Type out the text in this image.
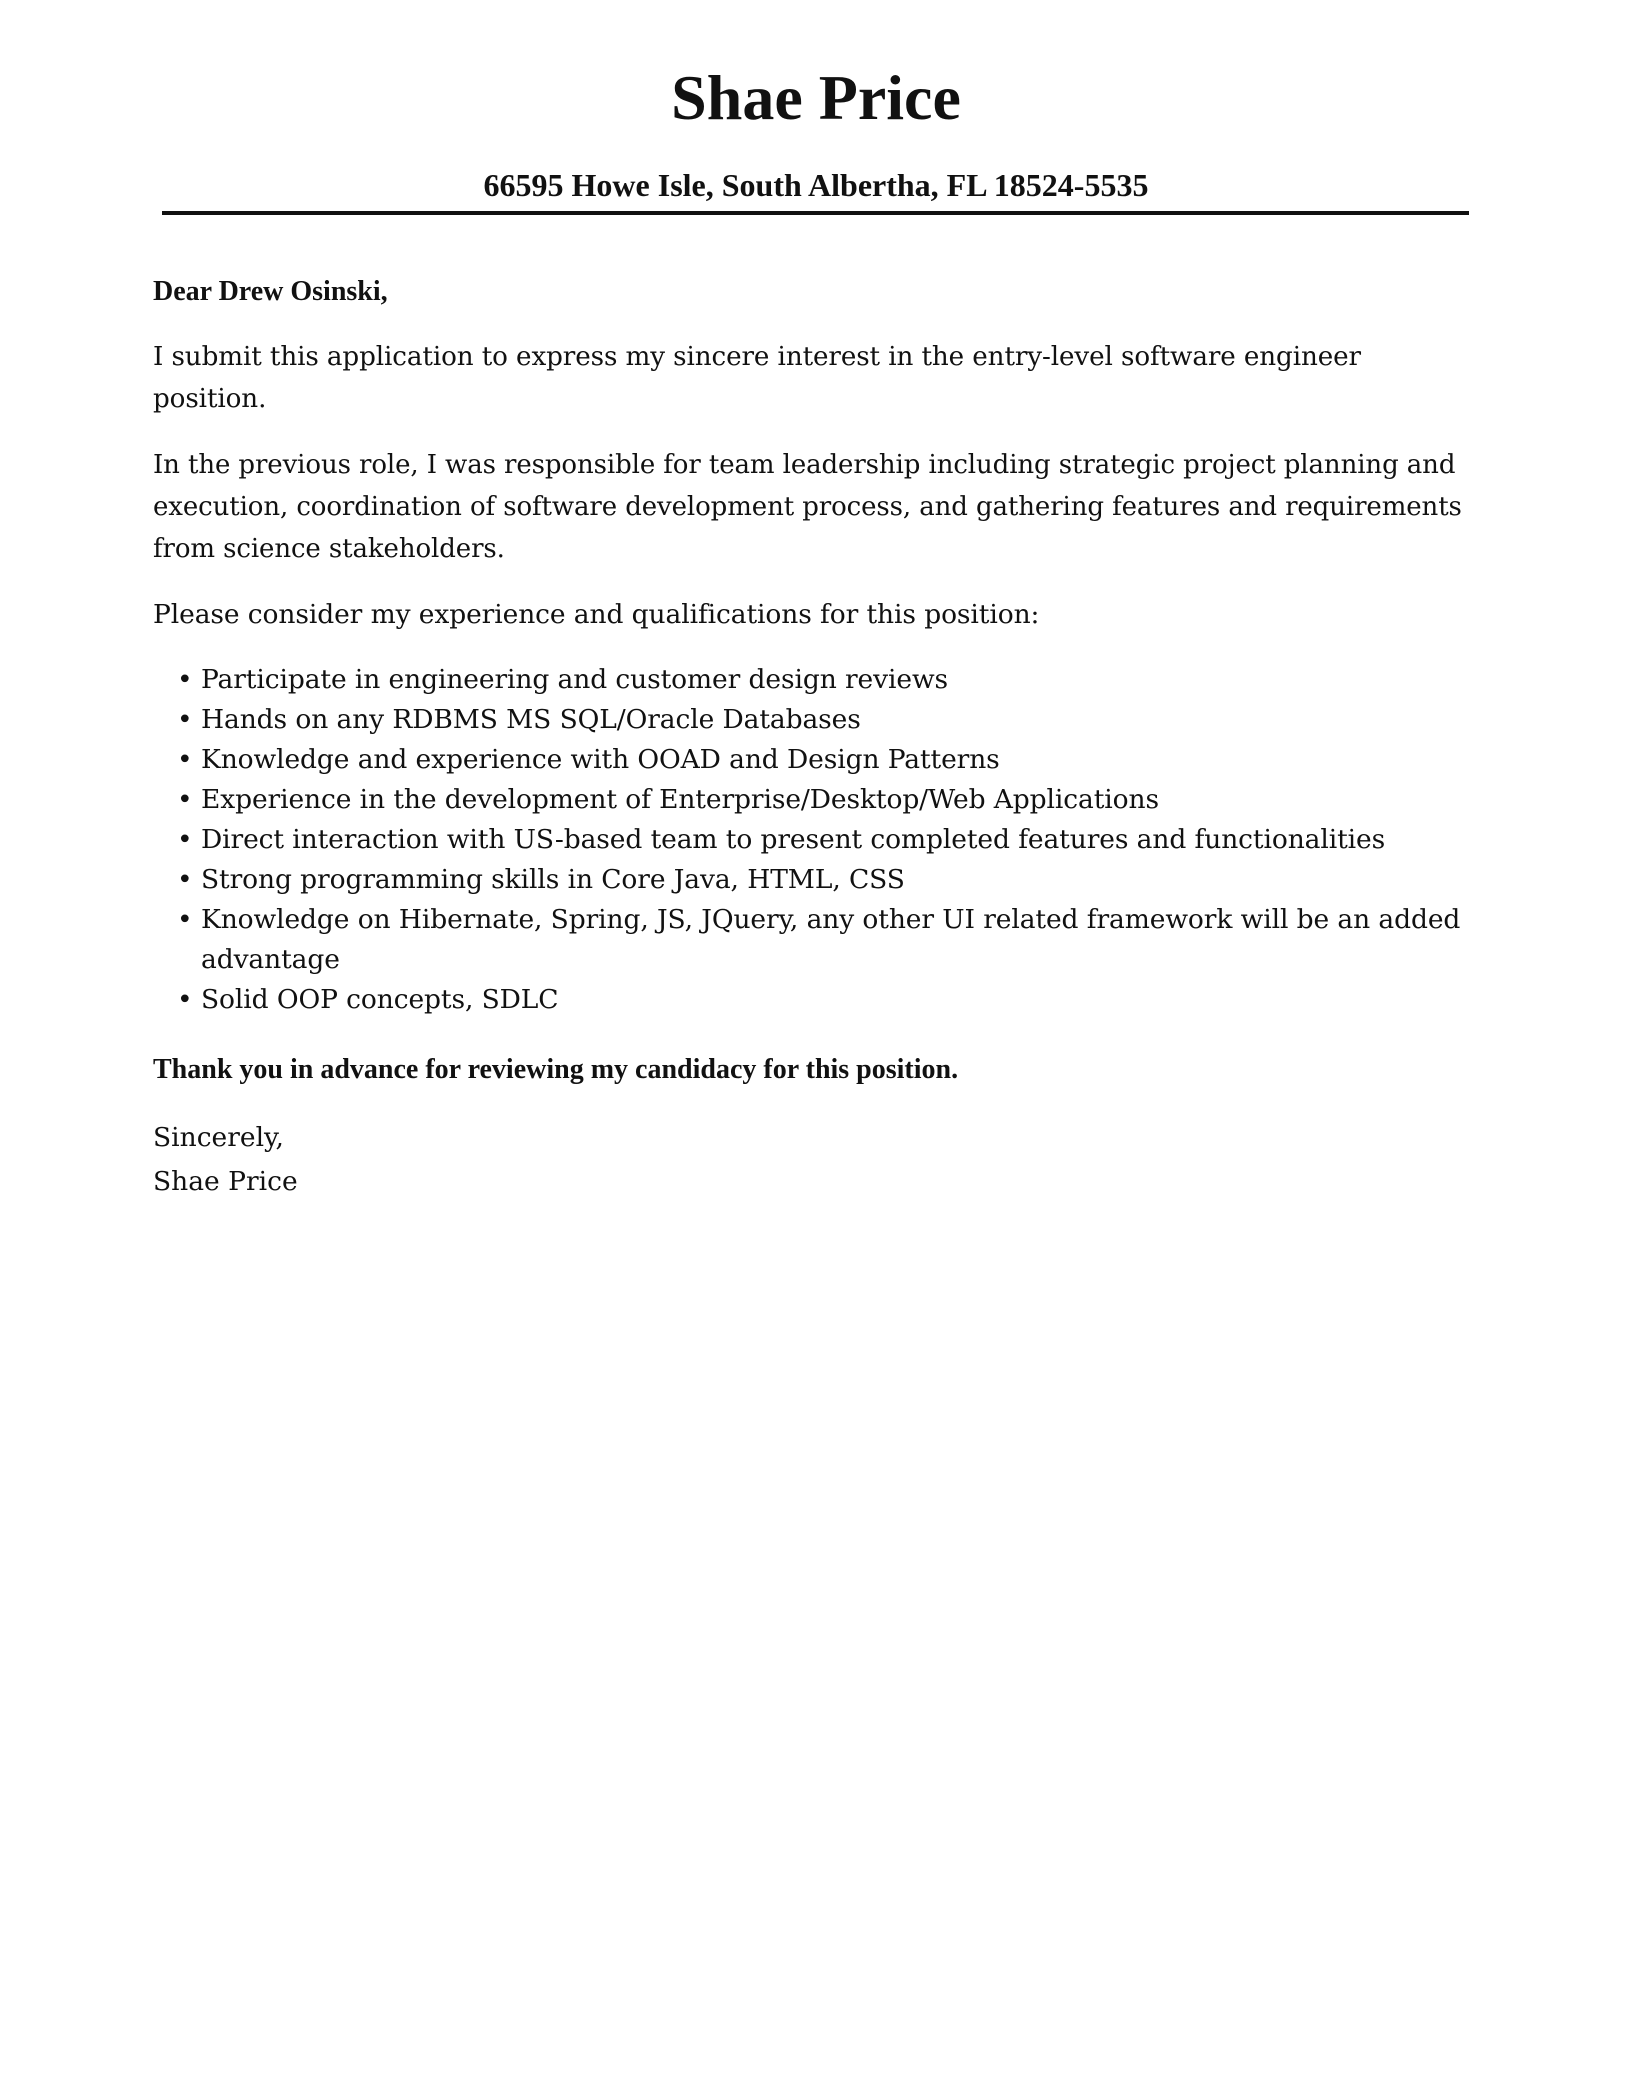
Shae Price
66595 Howe Isle, South Albertha, FL 18524-5535

Dear Drew Osinski,

I submit this application to express my sincere interest in the entry-level software engineer position.

In the previous role, I was responsible for team leadership including strategic project planning and execution, coordination of software development process, and gathering features and requirements from science stakeholders.

Please consider my experience and qualifications for this position:

• Participate in engineering and customer design reviews
• Hands on any RDBMS MS SQL/Oracle Databases
• Knowledge and experience with OOAD and Design Patterns
• Experience in the development of Enterprise/Desktop/Web Applications
• Direct interaction with US-based team to present completed features and functionalities
• Strong programming skills in Core Java, HTML, CSS
• Knowledge on Hibernate, Spring, JS, JQuery, any other UI related framework will be an added advantage
• Solid OOP concepts, SDLC

Thank you in advance for reviewing my candidacy for this position.

Sincerely,

Shae Price
